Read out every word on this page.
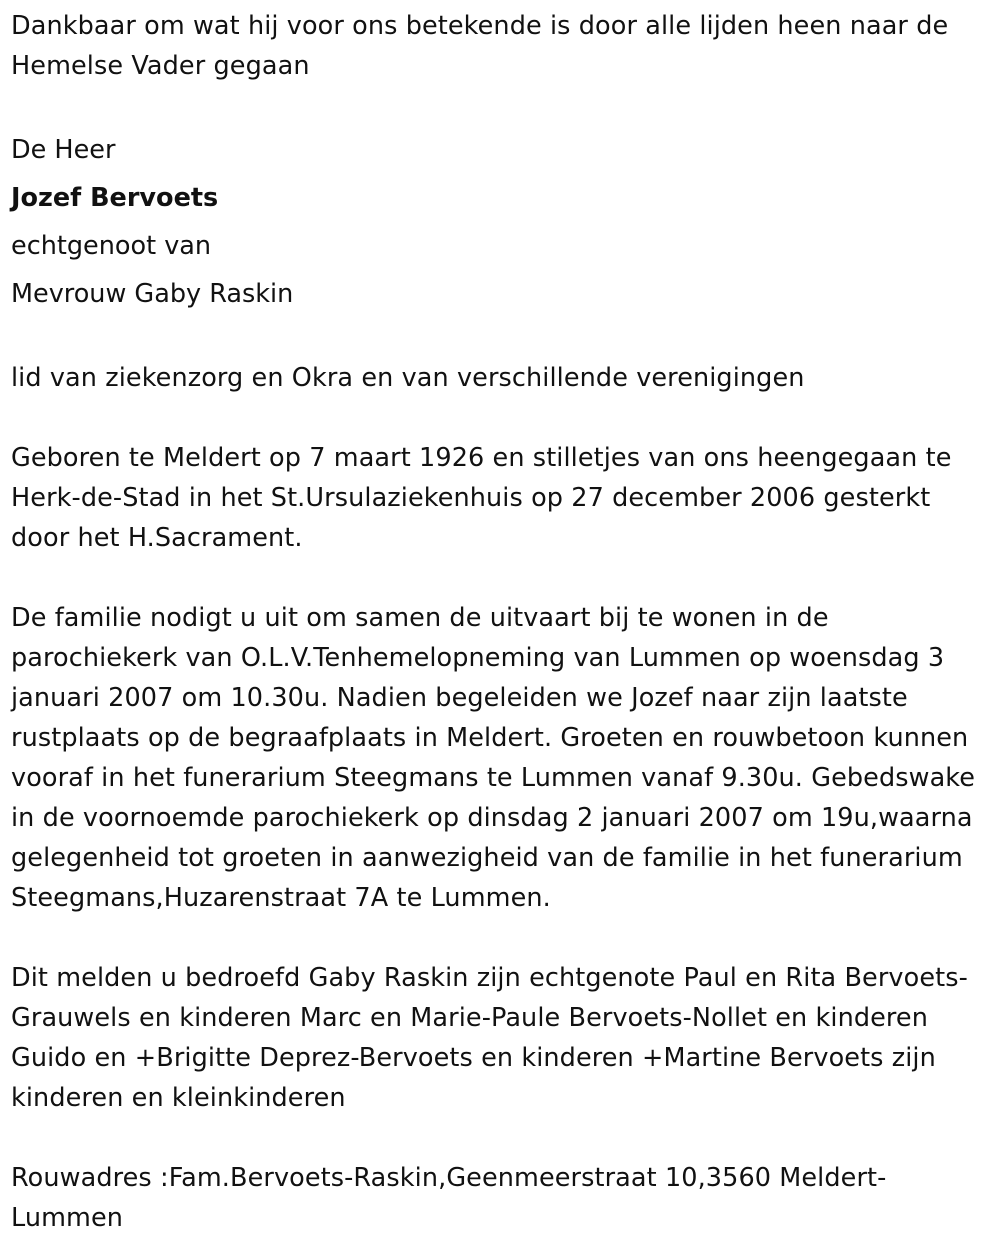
Dankbaar om wat hij voor ons betekende is door alle lijden heen naar de Hemelse Vader gegaan

De Heer
Jozef Bervoets
echtgenoot van
Mevrouw Gaby Raskin

lid van ziekenzorg en Okra en van verschillende verenigingen

Geboren te Meldert op 7 maart 1926 en stilletjes van ons heengegaan te Herk-de-Stad in het St.Ursulaziekenhuis op 27 december 2006 gesterkt door het H.Sacrament.

De familie nodigt u uit om samen de uitvaart bij te wonen in de parochiekerk van O.L.V.Tenhemelopneming van Lummen op woensdag 3 januari 2007 om 10.30u. Nadien begeleiden we Jozef naar zijn laatste rustplaats op de begraafplaats in Meldert. Groeten en rouwbetoon kunnen vooraf in het funerarium Steegmans te Lummen vanaf 9.30u. Gebedswake in de voornoemde parochiekerk op dinsdag 2 januari 2007 om 19u,waarna gelegenheid tot groeten in aanwezigheid van de familie in het funerarium Steegmans,Huzarenstraat 7A te Lummen.

Dit melden u bedroefd Gaby Raskin zijn echtgenote Paul en Rita Bervoets-Grauwels en kinderen Marc en Marie-Paule Bervoets-Nollet en kinderen Guido en +Brigitte Deprez-Bervoets en kinderen +Martine Bervoets zijn kinderen en kleinkinderen

Rouwadres :Fam.Bervoets-Raskin,Geenmeerstraat 10,3560 Meldert-Lummen
